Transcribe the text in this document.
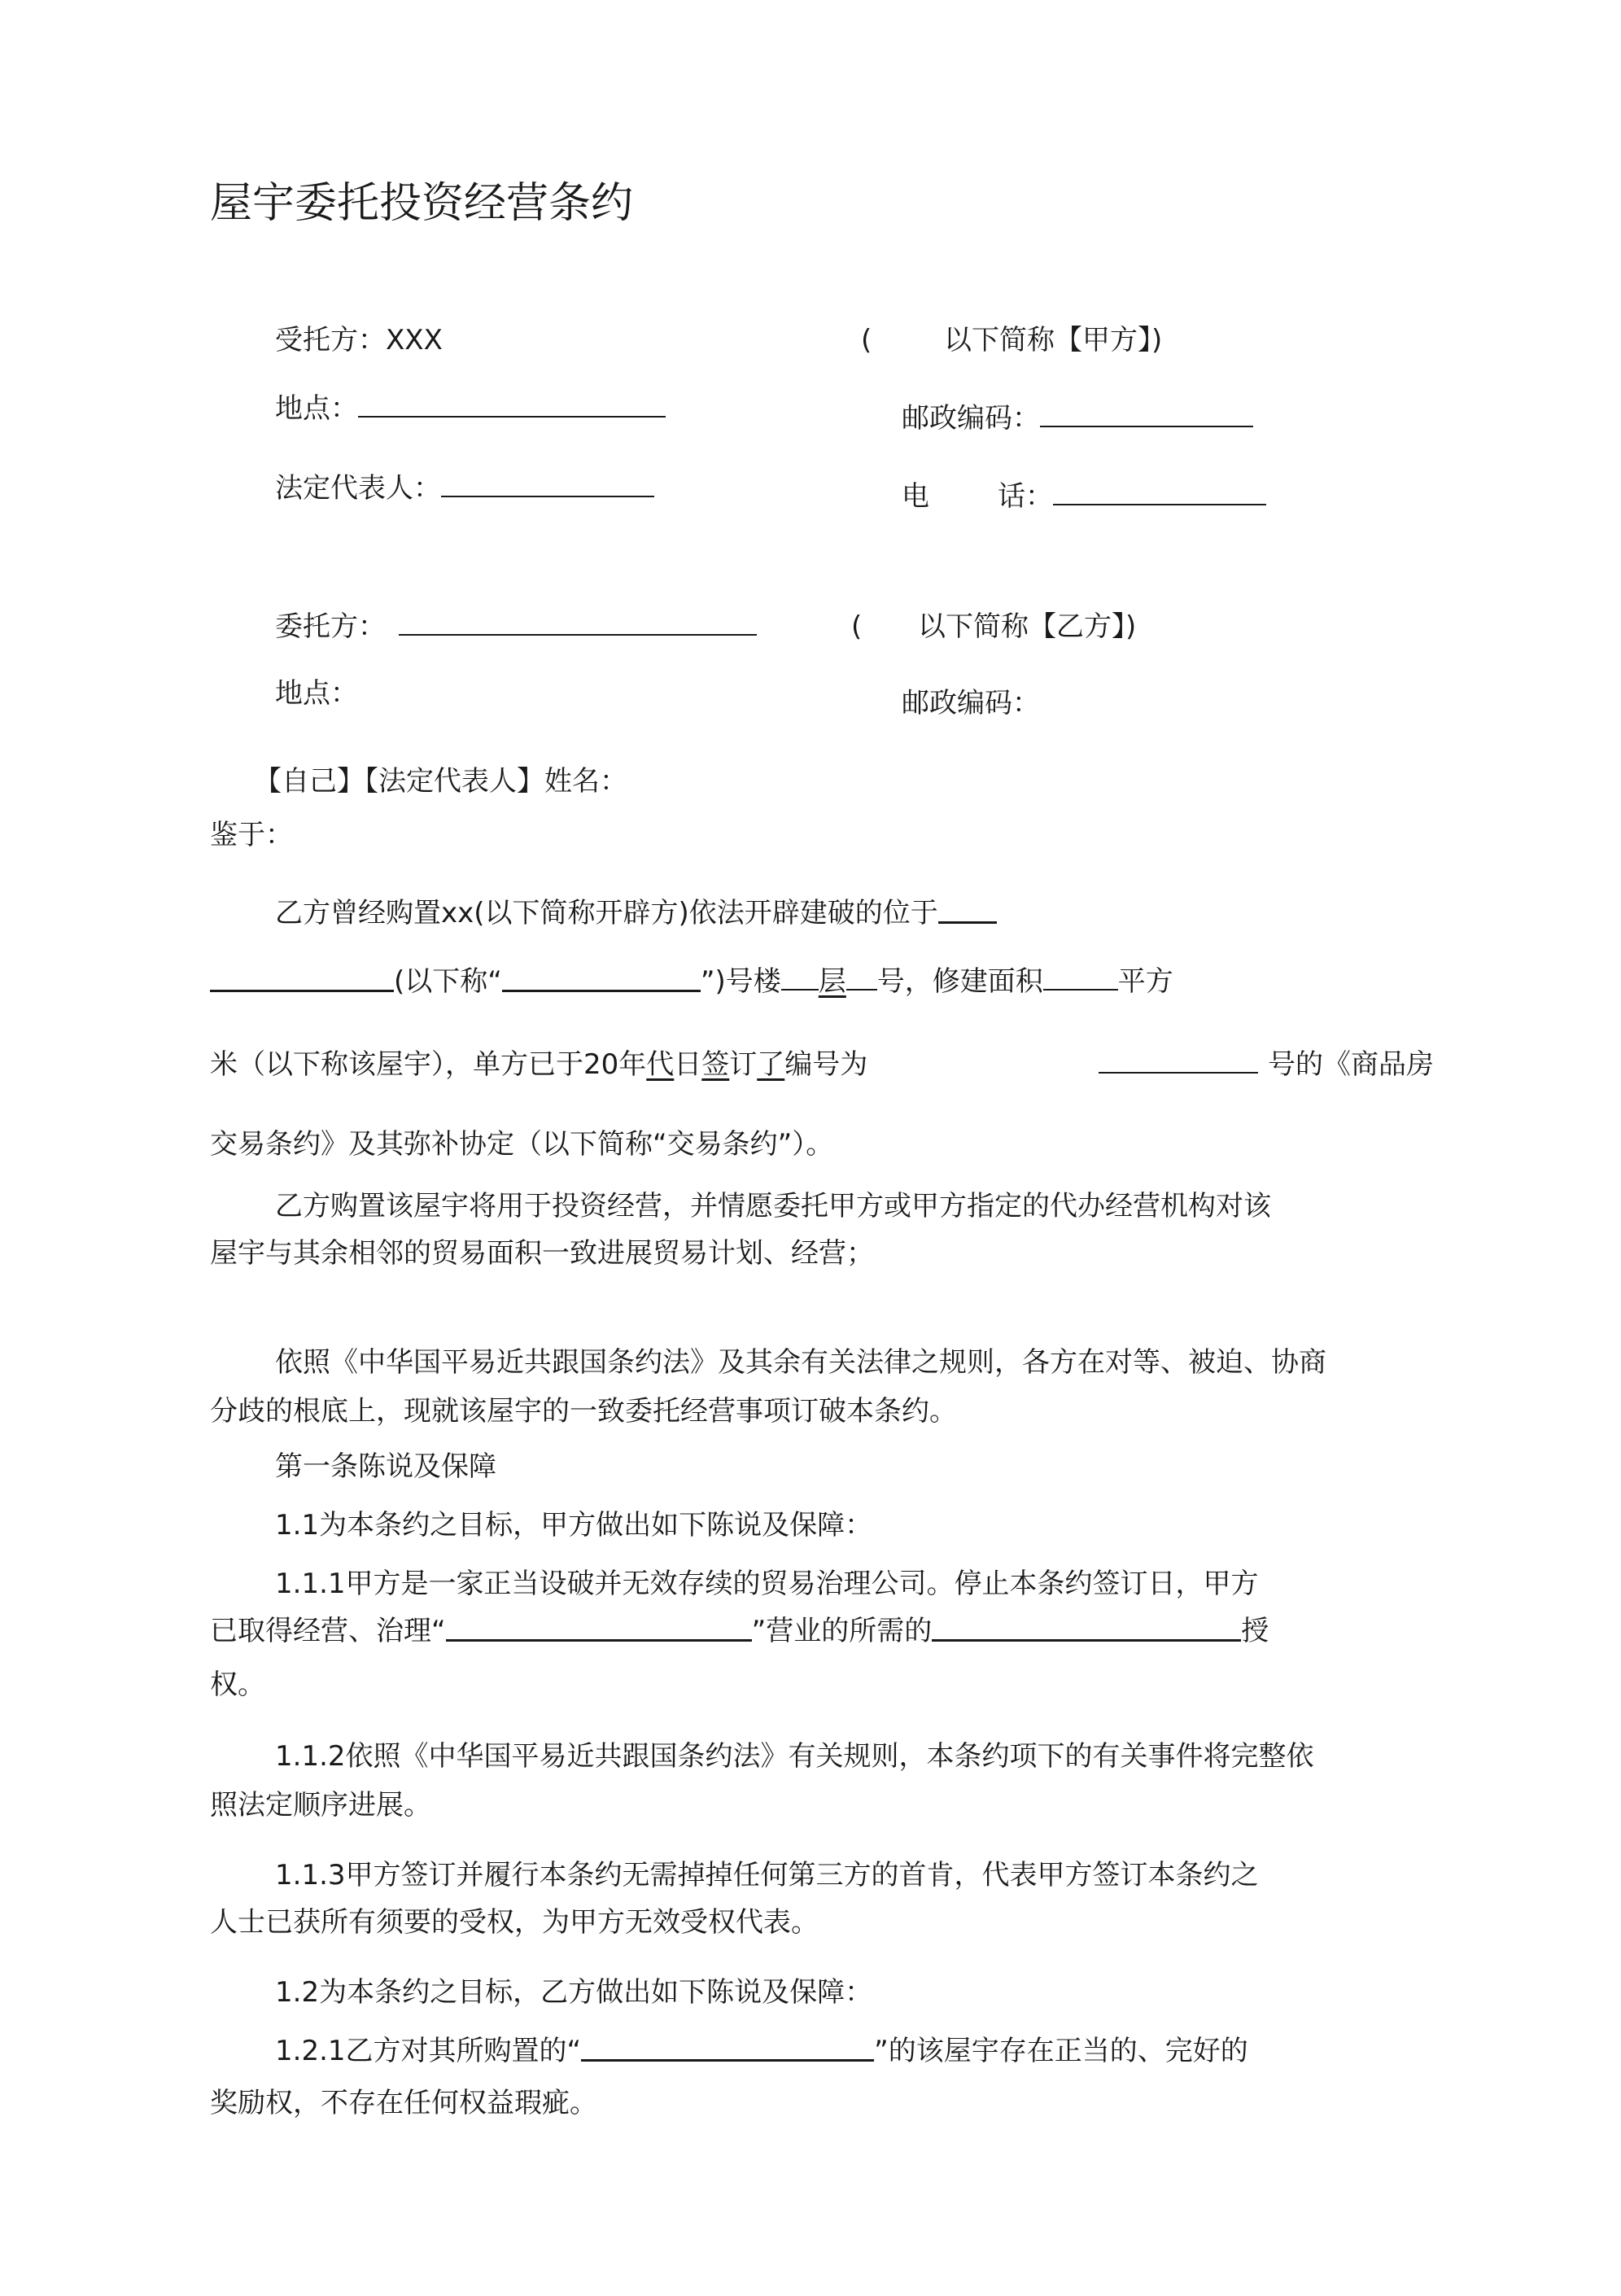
屋宇委托投资经营条约
受托方：XXX	(	以下简称【甲方】)
地点：	邮政编码：
法定代表人：	电 话：
委托方：	( 以下简称【乙方】)
地点：	邮政编码：
【自己】【法定代表人】姓名：
鉴于：
乙方曾经购置xx(以下简称开辟方)依法开辟建破的位于
(以下称“	”)号楼 层 号，修建面积	平方
米（以下称该屋宇），单方已于20年代日签订了编号为	号的《商品房
交易条约》及其弥补协定（以下简称“交易条约”）。
乙方购置该屋宇将用于投资经营，并情愿委托甲方或甲方指定的代办经营机构对该
屋宇与其余相邻的贸易面积一致进展贸易计划、经营；
依照《中华国平易近共跟国条约法》及其余有关法律之规则，各方在对等、被迫、协商
分歧的根底上，现就该屋宇的一致委托经营事项订破本条约。
第一条陈说及保障
1.1为本条约之目标，甲方做出如下陈说及保障：
1.1.1甲方是一家正当设破并无效存续的贸易治理公司。停止本条约签订日，甲方
已取得经营、治理“	”营业的所需的	授
权。
1.1.2依照《中华国平易近共跟国条约法》有关规则，本条约项下的有关事件将完整依
照法定顺序进展。
1.1.3甲方签订并履行本条约无需掉掉任何第三方的首肯，代表甲方签订本条约之
人士已获所有须要的受权，为甲方无效受权代表。
1.2为本条约之目标，乙方做出如下陈说及保障：
1.2.1乙方对其所购置的“	”的该屋宇存在正当的、完好的
奖励权，不存在任何权益瑕疵。
